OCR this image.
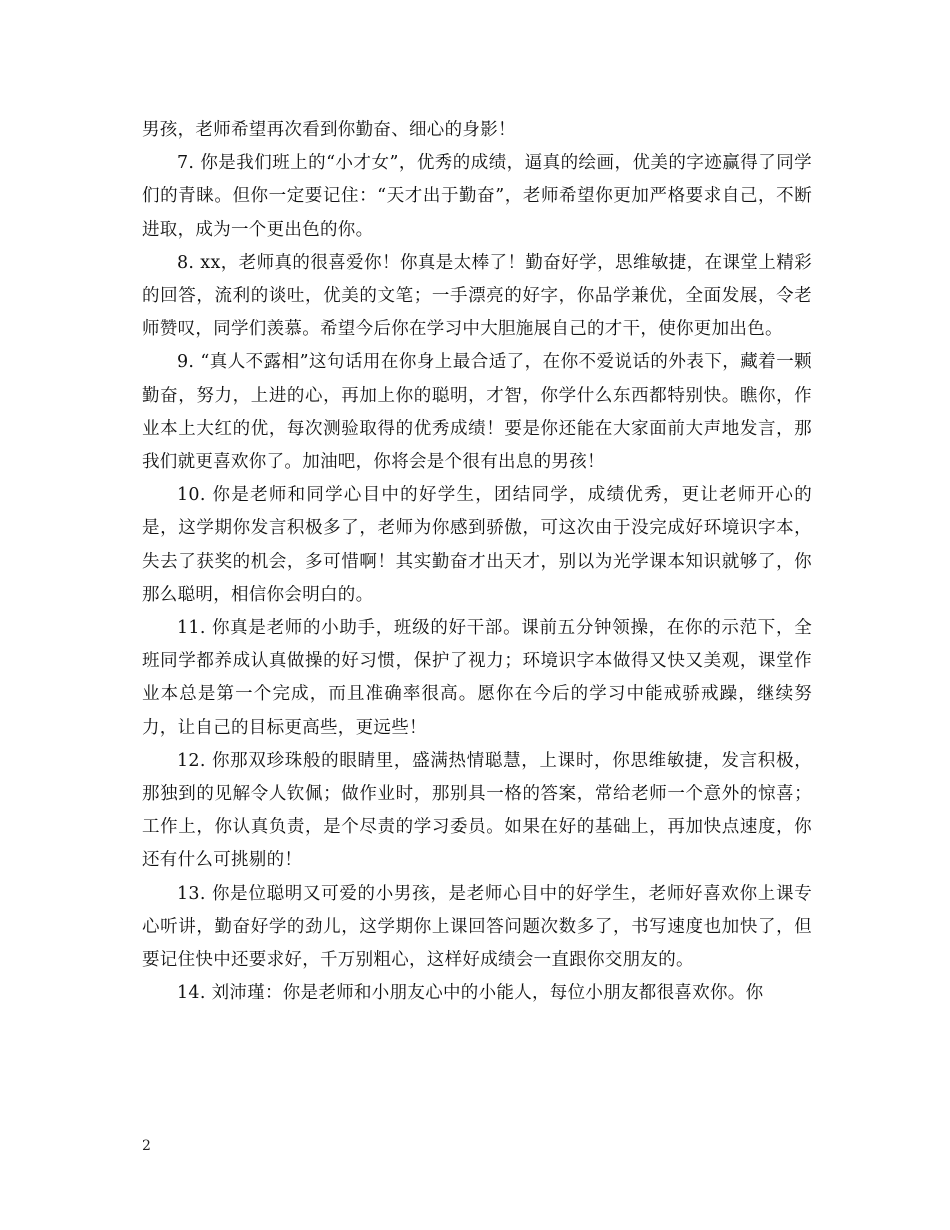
男孩，老师希望再次看到你勤奋、细心的身影！

7. 你是我们班上的“小才女”，优秀的成绩，逼真的绘画，优美的字迹赢得了同学们的青睐。但你一定要记住：“天才出于勤奋”，老师希望你更加严格要求自己，不断进取，成为一个更出色的你。

8. xx，老师真的很喜爱你！你真是太棒了！勤奋好学，思维敏捷，在课堂上精彩的回答，流利的谈吐，优美的文笔；一手漂亮的好字，你品学兼优，全面发展，令老师赞叹，同学们羡慕。希望今后你在学习中大胆施展自己的才干，使你更加出色。

9. “真人不露相”这句话用在你身上最合适了，在你不爱说话的外表下，藏着一颗勤奋，努力，上进的心，再加上你的聪明，才智，你学什么东西都特别快。瞧你，作业本上大红的优，每次测验取得的优秀成绩！要是你还能在大家面前大声地发言，那我们就更喜欢你了。加油吧，你将会是个很有出息的男孩！

10. 你是老师和同学心目中的好学生，团结同学，成绩优秀，更让老师开心的是，这学期你发言积极多了，老师为你感到骄傲，可这次由于没完成好环境识字本，失去了获奖的机会，多可惜啊！其实勤奋才出天才，别以为光学课本知识就够了，你那么聪明，相信你会明白的。

11. 你真是老师的小助手，班级的好干部。课前五分钟领操，在你的示范下，全班同学都养成认真做操的好习惯，保护了视力；环境识字本做得又快又美观，课堂作业本总是第一个完成，而且准确率很高。愿你在今后的学习中能戒骄戒躁，继续努力，让自己的目标更高些，更远些！

12. 你那双珍珠般的眼睛里，盛满热情聪慧，上课时，你思维敏捷，发言积极，那独到的见解令人钦佩；做作业时，那别具一格的答案，常给老师一个意外的惊喜；工作上，你认真负责，是个尽责的学习委员。如果在好的基础上，再加快点速度，你还有什么可挑剔的！

13. 你是位聪明又可爱的小男孩，是老师心目中的好学生，老师好喜欢你上课专心听讲，勤奋好学的劲儿，这学期你上课回答问题次数多了，书写速度也加快了，但要记住快中还要求好，千万别粗心，这样好成绩会一直跟你交朋友的。

14. 刘沛瑾：你是老师和小朋友心中的小能人，每位小朋友都很喜欢你。你

2
